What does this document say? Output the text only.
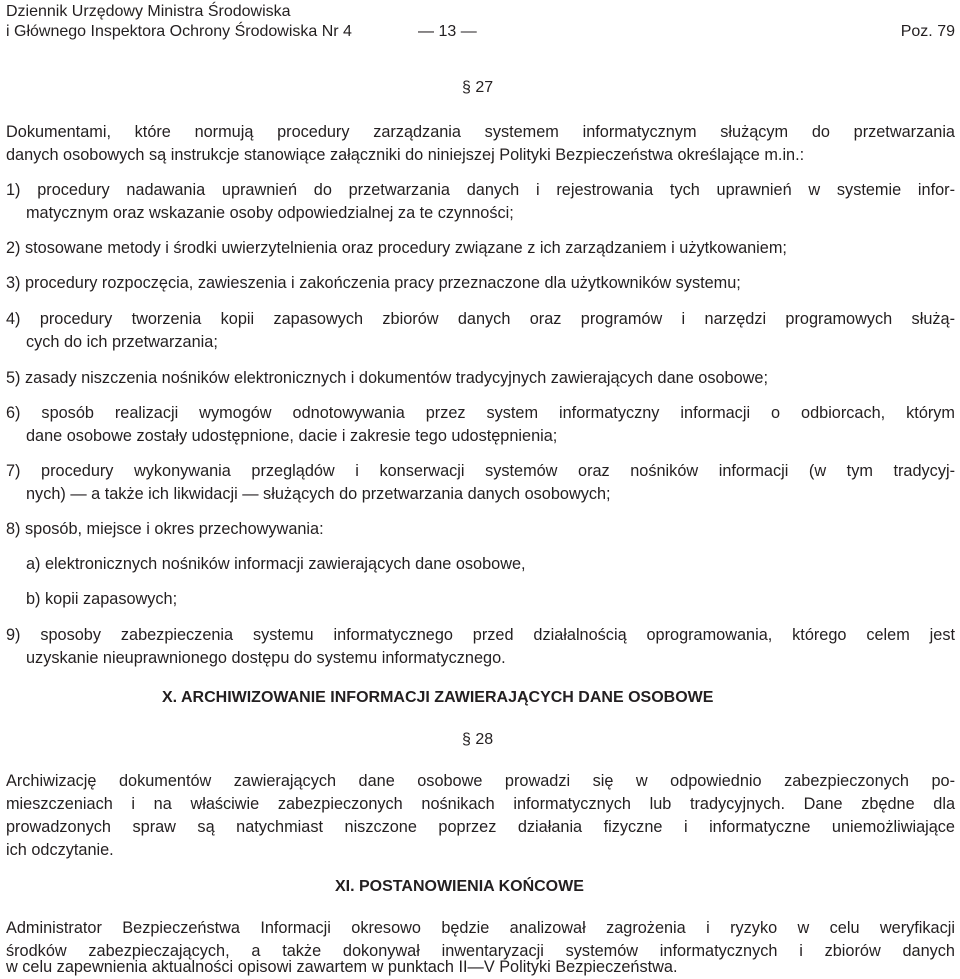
Dziennik Urzędowy Ministra Środowiska
i Głównego Inspektora Ochrony Środowiska Nr 4	— 13 —	Poz. 79
§ 27
Dokumentami, które normują procedury zarządzania systemem informatycznym służącym do przetwarzania
danych osobowych są instrukcje stanowiące załączniki do niniejszej Polityki Bezpieczeństwa określające m.in.:
1) procedury nadawania uprawnień do przetwarzania danych i rejestrowania tych uprawnień w systemie infor-
matycznym oraz wskazanie osoby odpowiedzialnej za te czynności;
2) stosowane metody i środki uwierzytelnienia oraz procedury związane z ich zarządzaniem i użytkowaniem;
3) procedury rozpoczęcia, zawieszenia i zakończenia pracy przeznaczone dla użytkowników systemu;
4) procedury tworzenia kopii zapasowych zbiorów danych oraz programów i narzędzi programowych służą-
cych do ich przetwarzania;
5) zasady niszczenia nośników elektronicznych i dokumentów tradycyjnych zawierających dane osobowe;
6) sposób realizacji wymogów odnotowywania przez system informatyczny informacji o odbiorcach, którym
dane osobowe zostały udostępnione, dacie i zakresie tego udostępnienia;
7) procedury wykonywania przeglądów i konserwacji systemów oraz nośników informacji (w tym tradycyj-
nych) — a także ich likwidacji — służących do przetwarzania danych osobowych;
8) sposób, miejsce i okres przechowywania:
a) elektronicznych nośników informacji zawierających dane osobowe,
b) kopii zapasowych;
9) sposoby zabezpieczenia systemu informatycznego przed działalnością oprogramowania, którego celem jest
uzyskanie nieuprawnionego dostępu do systemu informatycznego.
X. ARCHIWIZOWANIE INFORMACJI ZAWIERAJĄCYCH DANE OSOBOWE
§ 28
Archiwizację dokumentów zawierających dane osobowe prowadzi się w odpowiednio zabezpieczonych po-
mieszczeniach i na właściwie zabezpieczonych nośnikach informatycznych lub tradycyjnych. Dane zbędne dla
prowadzonych spraw są natychmiast niszczone poprzez działania fizyczne i informatyczne uniemożliwiające
ich odczytanie.
XI. POSTANOWIENIA KOŃCOWE
Administrator Bezpieczeństwa Informacji okresowo będzie analizował zagrożenia i ryzyko w celu weryfikacji
środków zabezpieczających, a także dokonywał inwentaryzacji systemów informatycznych i zbiorów danych
w celu zapewnienia aktualności opisowi zawartem w punktach II—V Polityki Bezpieczeństwa.
